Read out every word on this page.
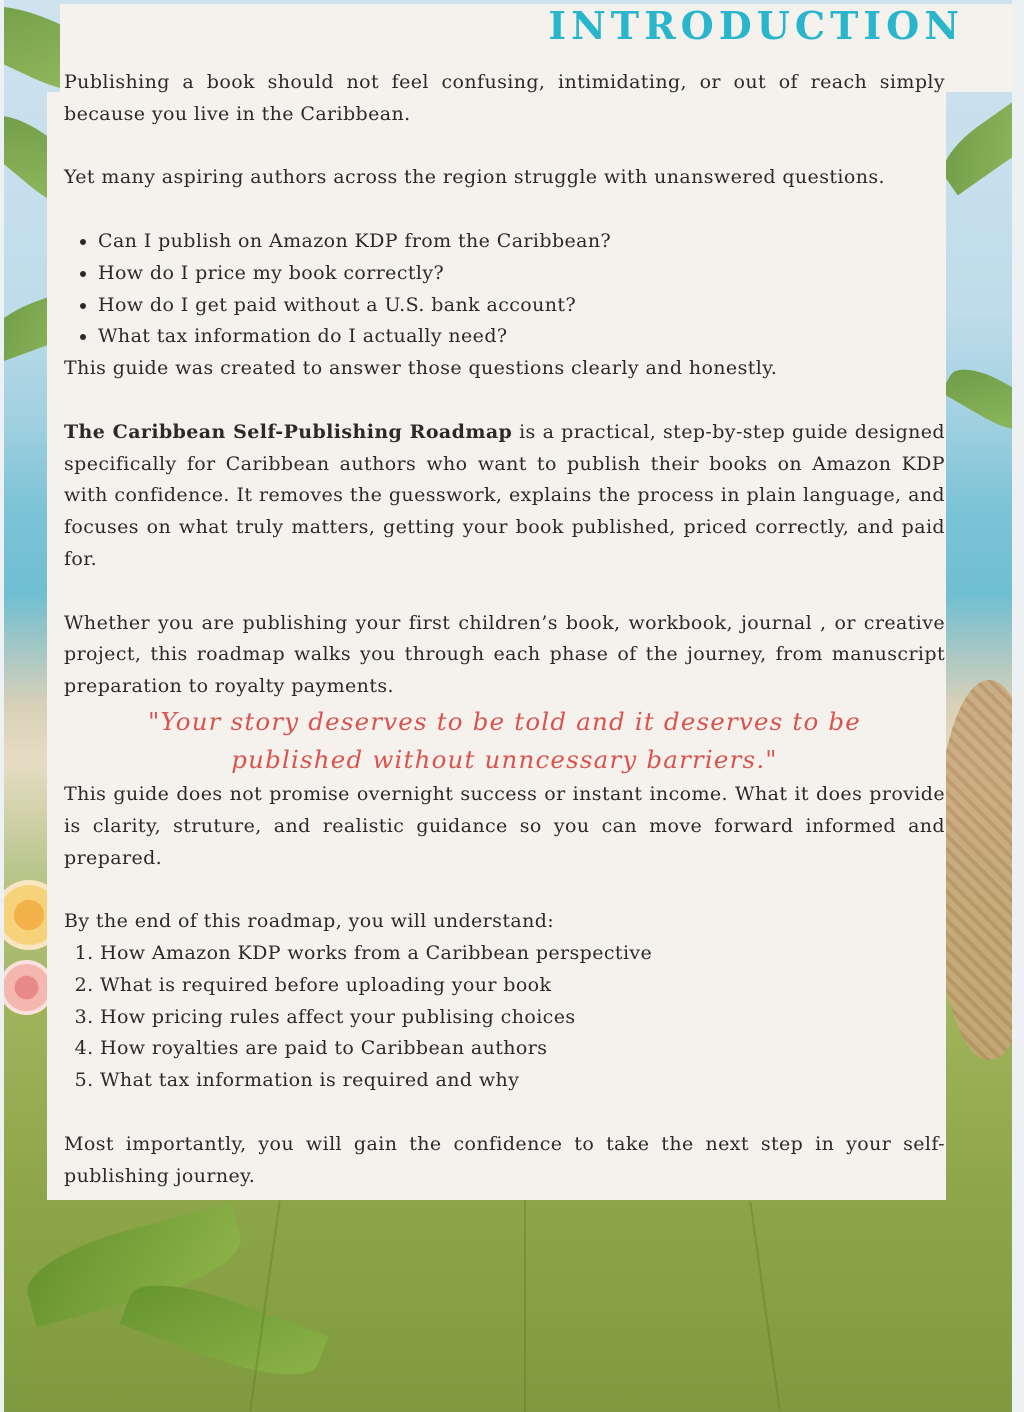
INTRODUCTION

Publishing a book should not feel confusing, intimidating, or out of reach simply because you live in the Caribbean.

Yet many aspiring authors across the region struggle with unanswered questions.

• Can I publish on Amazon KDP from the Caribbean?
• How do I price my book correctly?
• How do I get paid without a U.S. bank account?
• What tax information do I actually need?

This guide was created to answer those questions clearly and honestly.

The Caribbean Self-Publishing Roadmap is a practical, step-by-step guide designed specifically for Caribbean authors who want to publish their books on Amazon KDP with confidence. It removes the guesswork, explains the process in plain language, and focuses on what truly matters, getting your book published, priced correctly, and paid for.

Whether you are publishing your first children’s book, workbook, journal , or creative project, this roadmap walks you through each phase of the journey, from manuscript preparation to royalty payments.

"Your story deserves to be told and it deserves to be
published without unncessary barriers."

This guide does not promise overnight success or instant income. What it does provide is clarity, struture, and realistic guidance so you can move forward informed and prepared.

By the end of this roadmap, you will understand:

1. How Amazon KDP works from a Caribbean perspective
2. What is required before uploading your book
3. How pricing rules affect your publising choices
4. How royalties are paid to Caribbean authors
5. What tax information is required and why

Most importantly, you will gain the confidence to take the next step in your self-publishing journey.
